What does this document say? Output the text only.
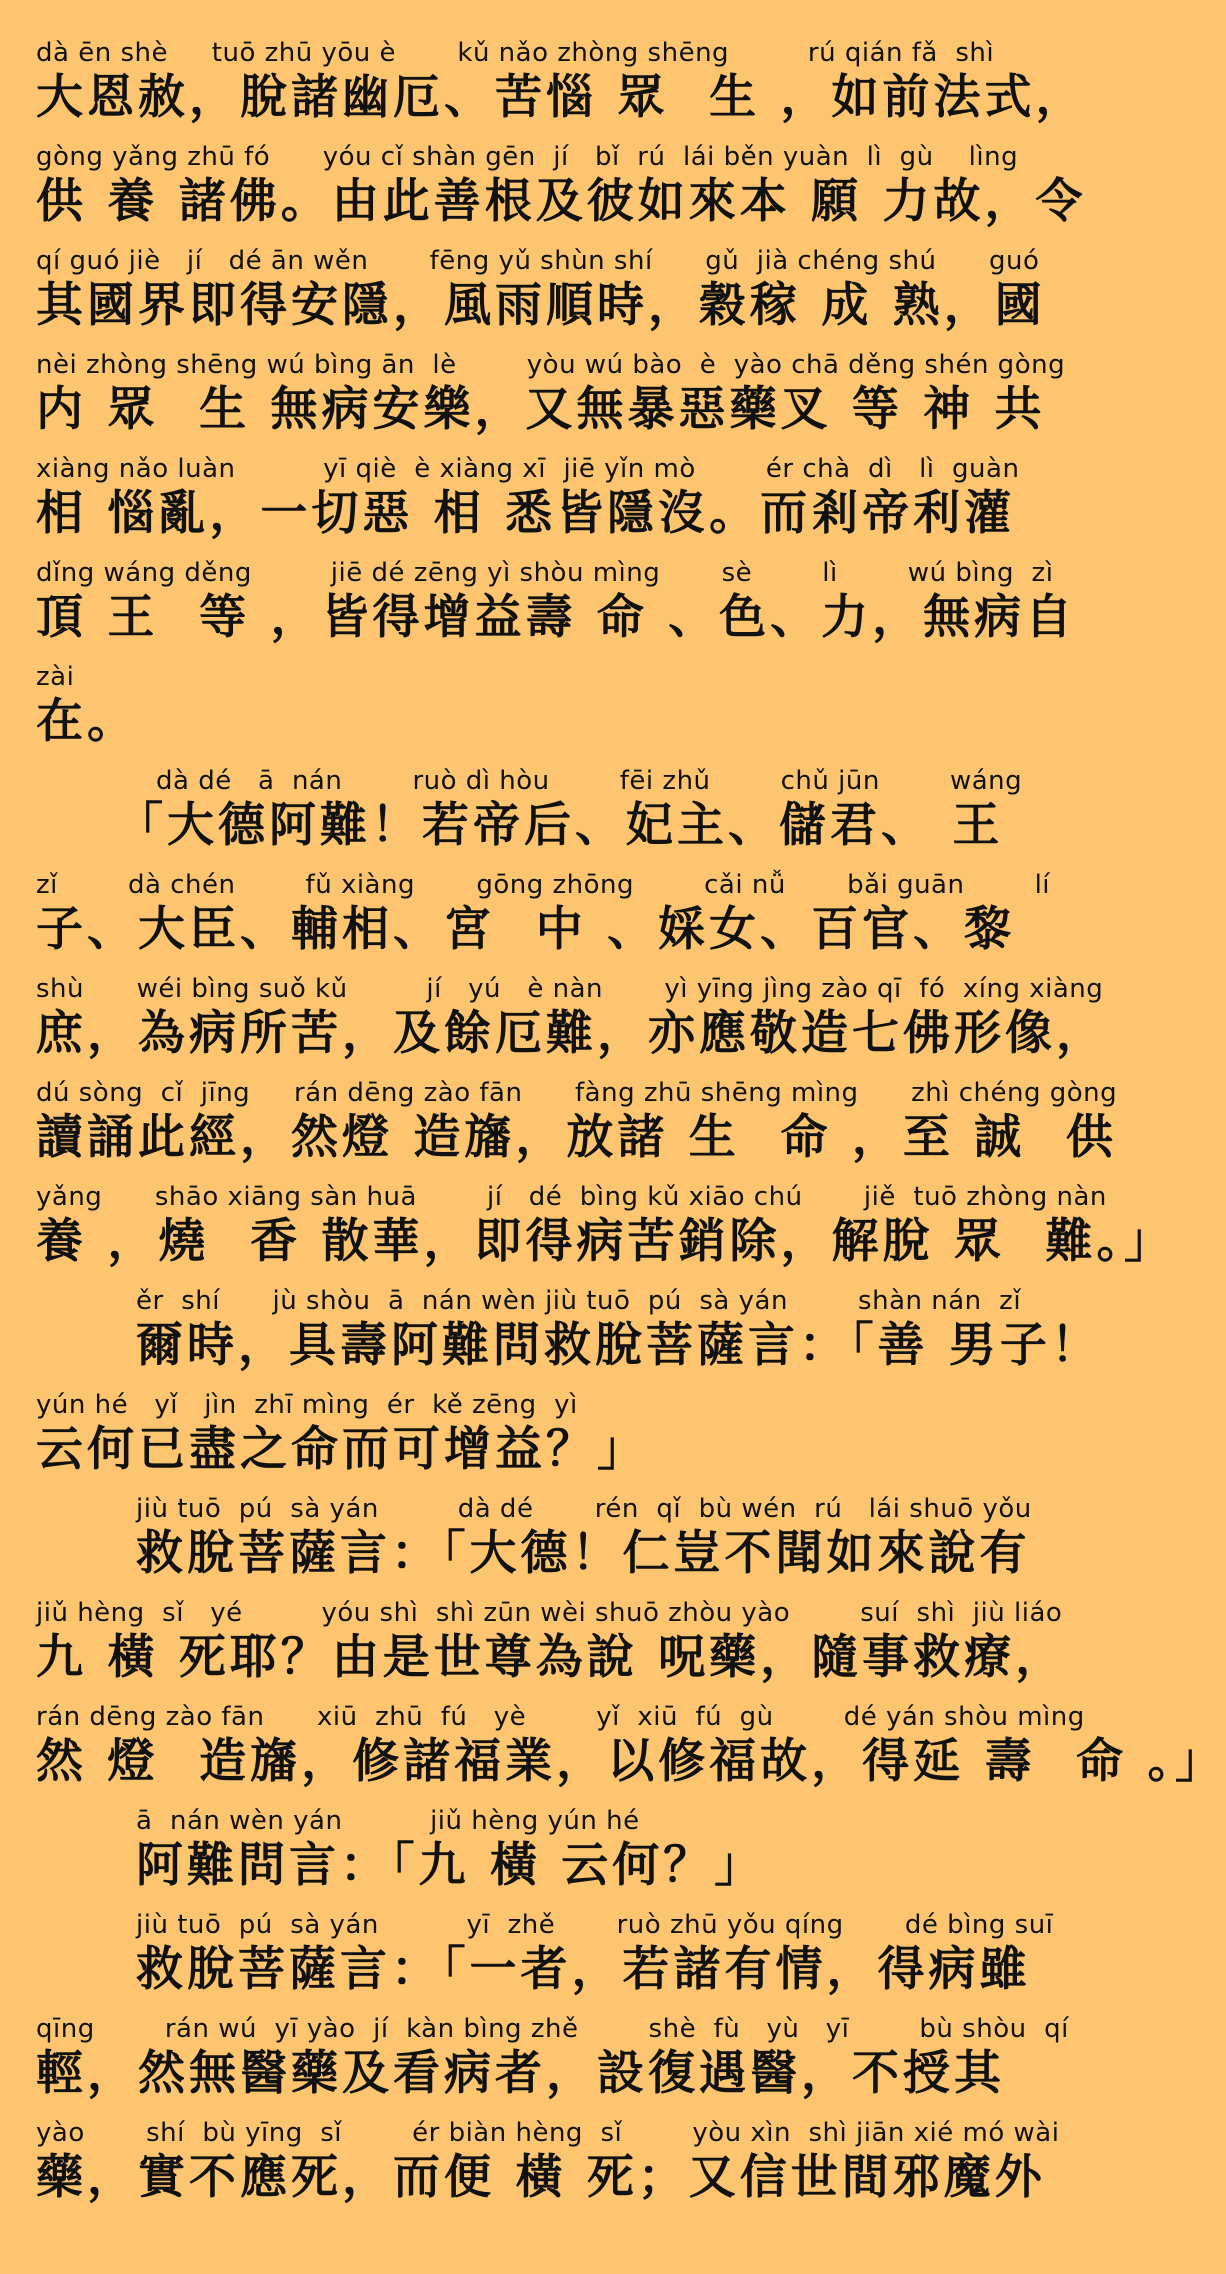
dà ēn shè     tuō zhū yōu è       kǔ nǎo zhòng shēng         rú qián fǎ  shì
大恩赦，脫諸幽厄、苦惱 眾  生 ，如前法式，
gòng yǎng zhū fó      yóu cǐ shàn gēn  jí   bǐ  rú  lái běn yuàn  lì  gù    lìng
供 養 諸佛。由此善根及彼如來本 願 力故，令
qí guó jiè   jí   dé ān wěn       fēng yǔ shùn shí      gǔ  jià chéng shú      guó
其國界即得安隱，風雨順時，穀稼 成 熟，國
nèi zhòng shēng wú bìng ān  lè        yòu wú bào  è  yào chā děng shén gòng
内 眾  生 無病安樂，又無暴惡藥叉 等 神 共
xiàng nǎo luàn          yī qiè  è xiàng xī  jiē yǐn mò        ér chà  dì   lì  guàn
相 惱亂，一切惡 相 悉皆隱沒。而剎帝利灌
dǐng wáng děng         jiē dé zēng yì shòu mìng       sè        lì        wú bìng  zì
頂 王  等 ，皆得增益壽 命 、色、力，無病自
zài
在。
dà dé   ā  nán        ruò dì hòu        fēi zhǔ        chǔ jūn        wáng
「大德阿難！若帝后、妃主、儲君、 王
zǐ        dà chén        fǔ xiàng       gōng zhōng        cǎi nǚ       bǎi guān        lí
子、大臣、輔相、宮  中 、婇女、百官、黎
shù      wéi bìng suǒ kǔ         jí   yú   è nàn       yì yīng jìng zào qī  fó  xíng xiàng
庶，為病所苦，及餘厄難，亦應敬造七佛形像，
dú sòng  cǐ  jīng     rán dēng zào fān      fàng zhū shēng mìng      zhì chéng gòng
讀誦此經，然燈 造旛，放諸 生  命 ，至 誠  供
yǎng      shāo xiāng sàn huā        jí   dé  bìng kǔ xiāo chú       jiě  tuō zhòng nàn
養 ，燒  香 散華，即得病苦銷除，解脫 眾  難。」
ěr  shí      jù shòu  ā  nán wèn jiù tuō  pú  sà yán        shàn nán  zǐ
爾時，具壽阿難問救脫菩薩言：「善 男子！
yún hé   yǐ   jìn  zhī mìng  ér  kě zēng  yì
云何已盡之命而可增益？」
jiù tuō  pú  sà yán         dà dé       rén  qǐ  bù wén  rú   lái shuō yǒu
救脫菩薩言：「大德！仁豈不聞如來說有
jiǔ hèng  sǐ   yé         yóu shì  shì zūn wèi shuō zhòu yào        suí  shì  jiù liáo
九 橫 死耶？由是世尊為說 呪藥，隨事救療，
rán dēng zào fān      xiū  zhū  fú   yè        yǐ  xiū  fú  gù        dé yán shòu mìng
然 燈  造旛，修諸福業，以修福故，得延 壽  命 。」
ā  nán wèn yán          jiǔ hèng yún hé
阿難問言：「九 橫 云何？」
jiù tuō  pú  sà yán          yī  zhě       ruò zhū yǒu qíng       dé bìng suī
救脫菩薩言：「一者，若諸有情，得病雖
qīng        rán wú  yī yào  jí  kàn bìng zhě        shè  fù   yù   yī        bù shòu  qí
輕，然無醫藥及看病者，設復遇醫，不授其
yào       shí  bù yīng  sǐ        ér biàn hèng  sǐ        yòu xìn  shì jiān xié mó wài
藥，實不應死，而便 橫 死；又信世間邪魔外
